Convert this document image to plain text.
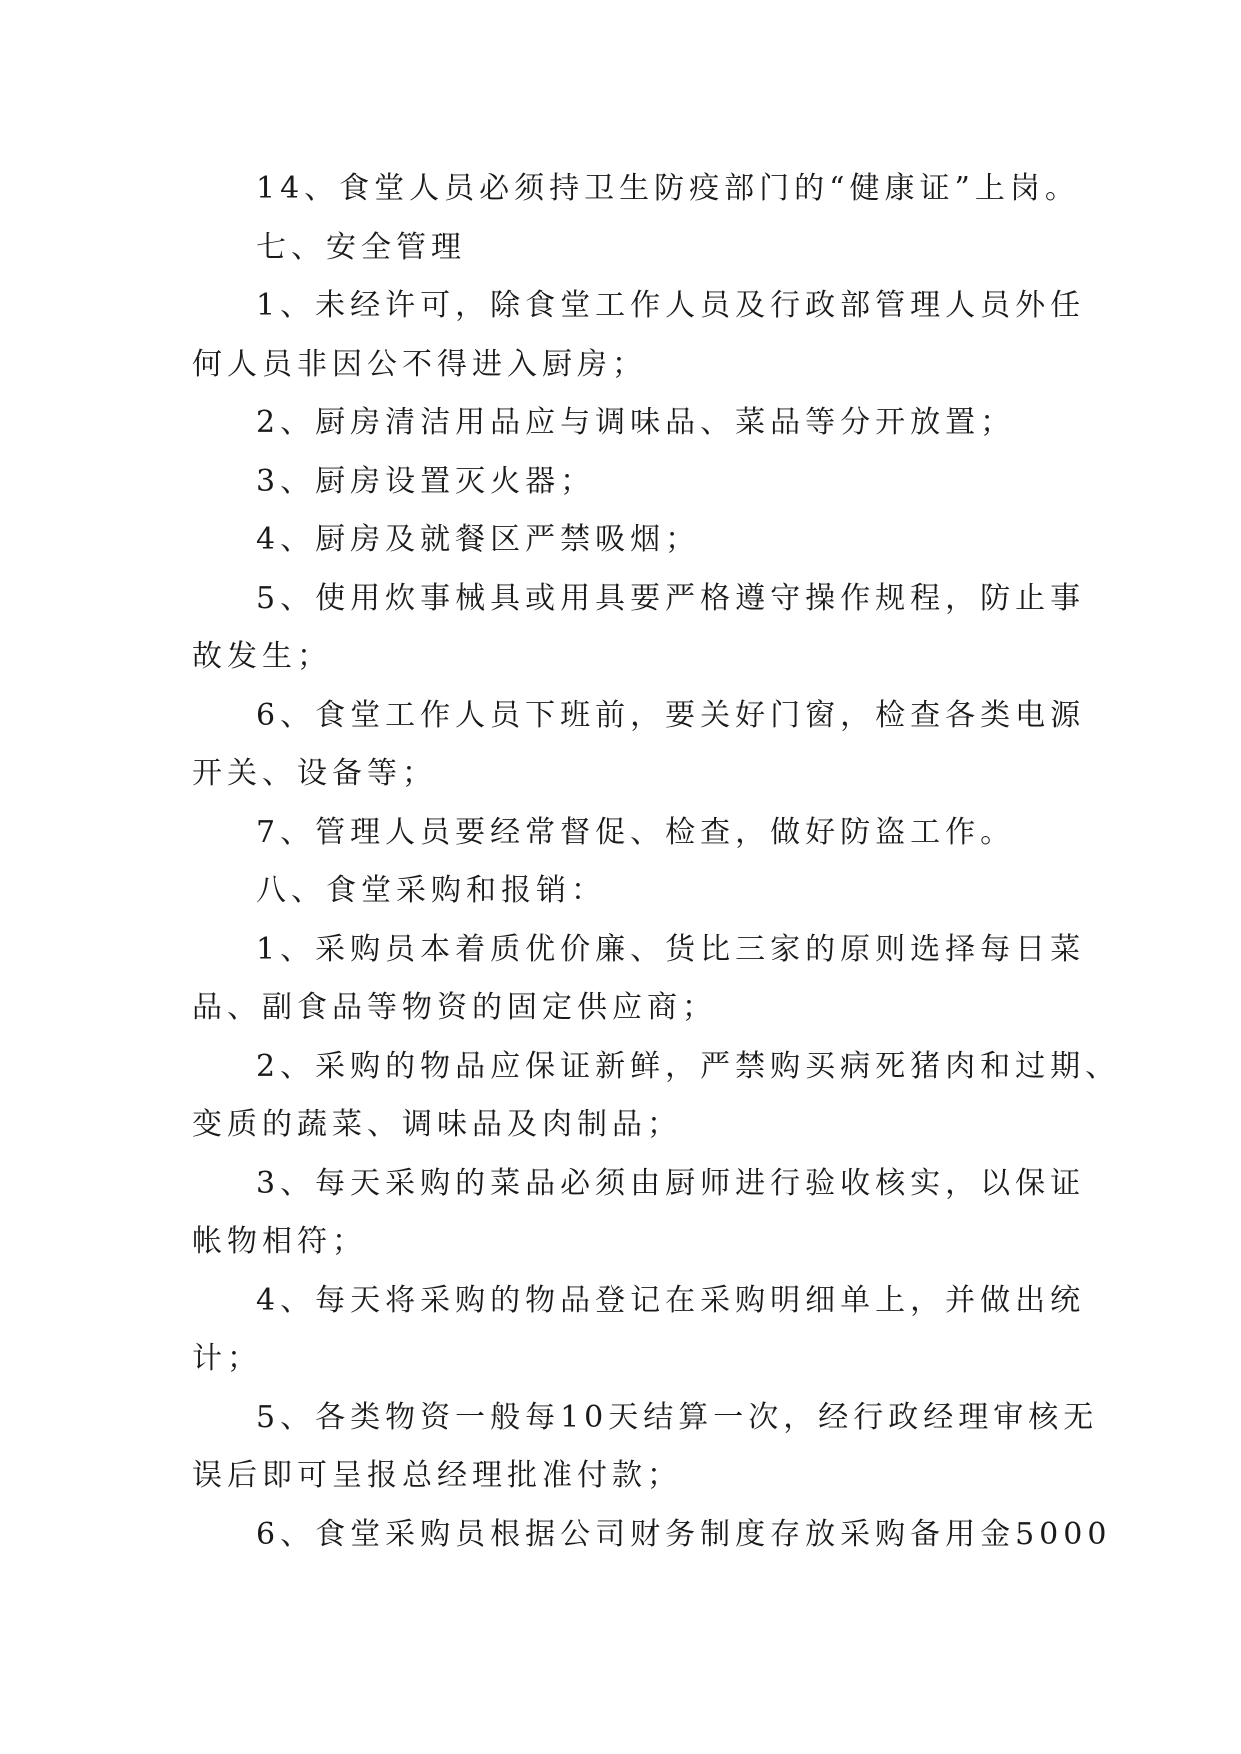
14、食堂人员必须持卫生防疫部门的“健康证”上岗。
七、安全管理
1、未经许可，除食堂工作人员及行政部管理人员外任
何人员非因公不得进入厨房；
2、厨房清洁用品应与调味品、菜品等分开放置；
3、厨房设置灭火器；
4、厨房及就餐区严禁吸烟；
5、使用炊事械具或用具要严格遵守操作规程，防止事
故发生；
6、食堂工作人员下班前，要关好门窗，检查各类电源
开关、设备等；
7、管理人员要经常督促、检查，做好防盗工作。
八、食堂采购和报销：
1、采购员本着质优价廉、货比三家的原则选择每日菜
品、副食品等物资的固定供应商；
2、采购的物品应保证新鲜，严禁购买病死猪肉和过期、
变质的蔬菜、调味品及肉制品；
3、每天采购的菜品必须由厨师进行验收核实，以保证
帐物相符；
4、每天将采购的物品登记在采购明细单上，并做出统
计；
5、各类物资一般每10天结算一次，经行政经理审核无
误后即可呈报总经理批准付款；
6、食堂采购员根据公司财务制度存放采购备用金5000
